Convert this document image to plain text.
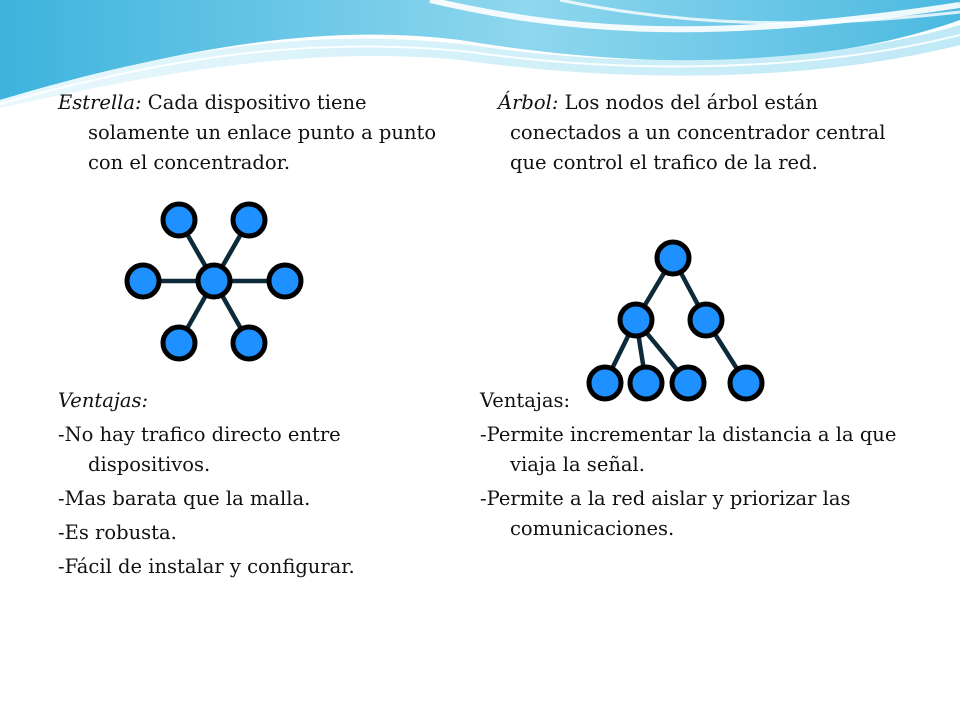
Estrella: Cada dispositivo tiene solamente un enlace punto a punto con el concentrador.

Ventajas:

-No hay trafico directo entre dispositivos.

-Mas barata que la malla.

-Es robusta.

-Fácil de instalar y configurar.

Árbol: Los nodos del árbol están conectados a un concentrador central que control el trafico de la red.

Ventajas:

-Permite incrementar la distancia a la que viaja la señal.

-Permite a la red aislar y priorizar las comunicaciones.
